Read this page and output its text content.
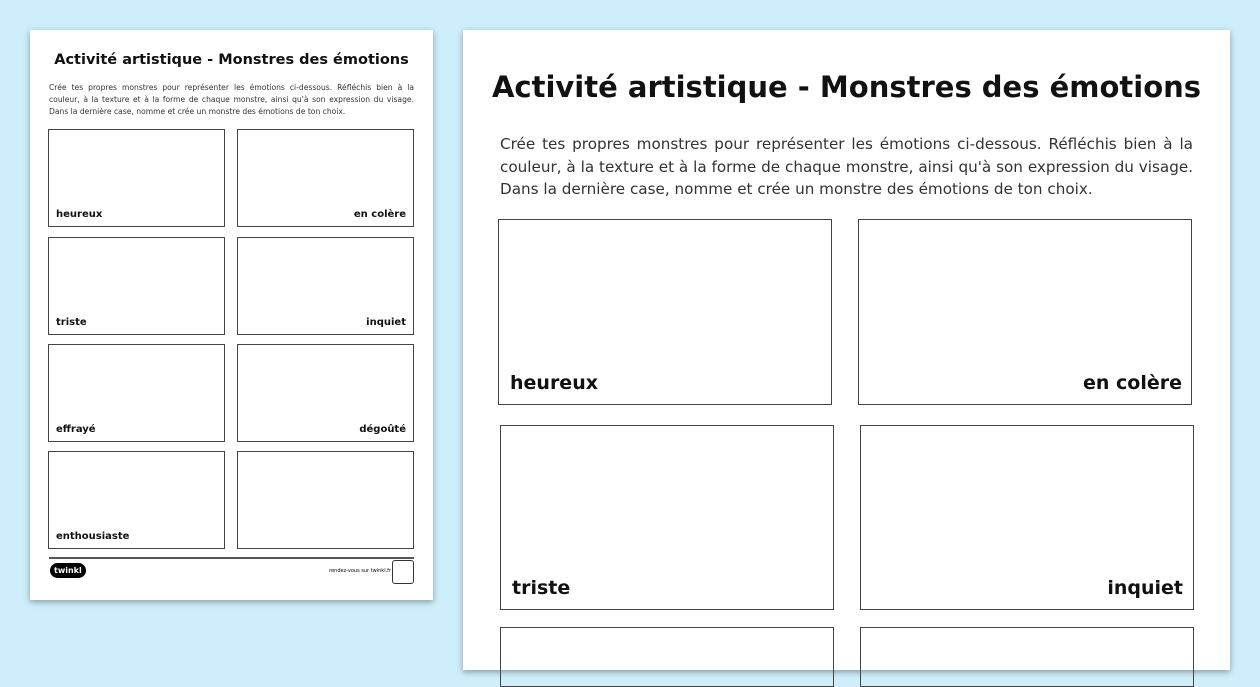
Activité artistique - Monstres des émotions
Crée tes propres monstres pour représenter les émotions ci-dessous. Réfléchis bien à la couleur, à la texture et à la forme de chaque monstre, ainsi qu'à son expression du visage. Dans la dernière case, nomme et crée un monstre des émotions de ton choix.
heureux	en colère
triste	inquiet
effrayé	dégoûté
enthousiaste
twinkl	rendez-vous sur twinkl.fr
Activité artistique - Monstres des émotions
Crée tes propres monstres pour représenter les émotions ci-dessous. Réfléchis bien à la couleur, à la texture et à la forme de chaque monstre, ainsi qu'à son expression du visage. Dans la dernière case, nomme et crée un monstre des émotions de ton choix.
heureux	en colère
triste	inquiet
